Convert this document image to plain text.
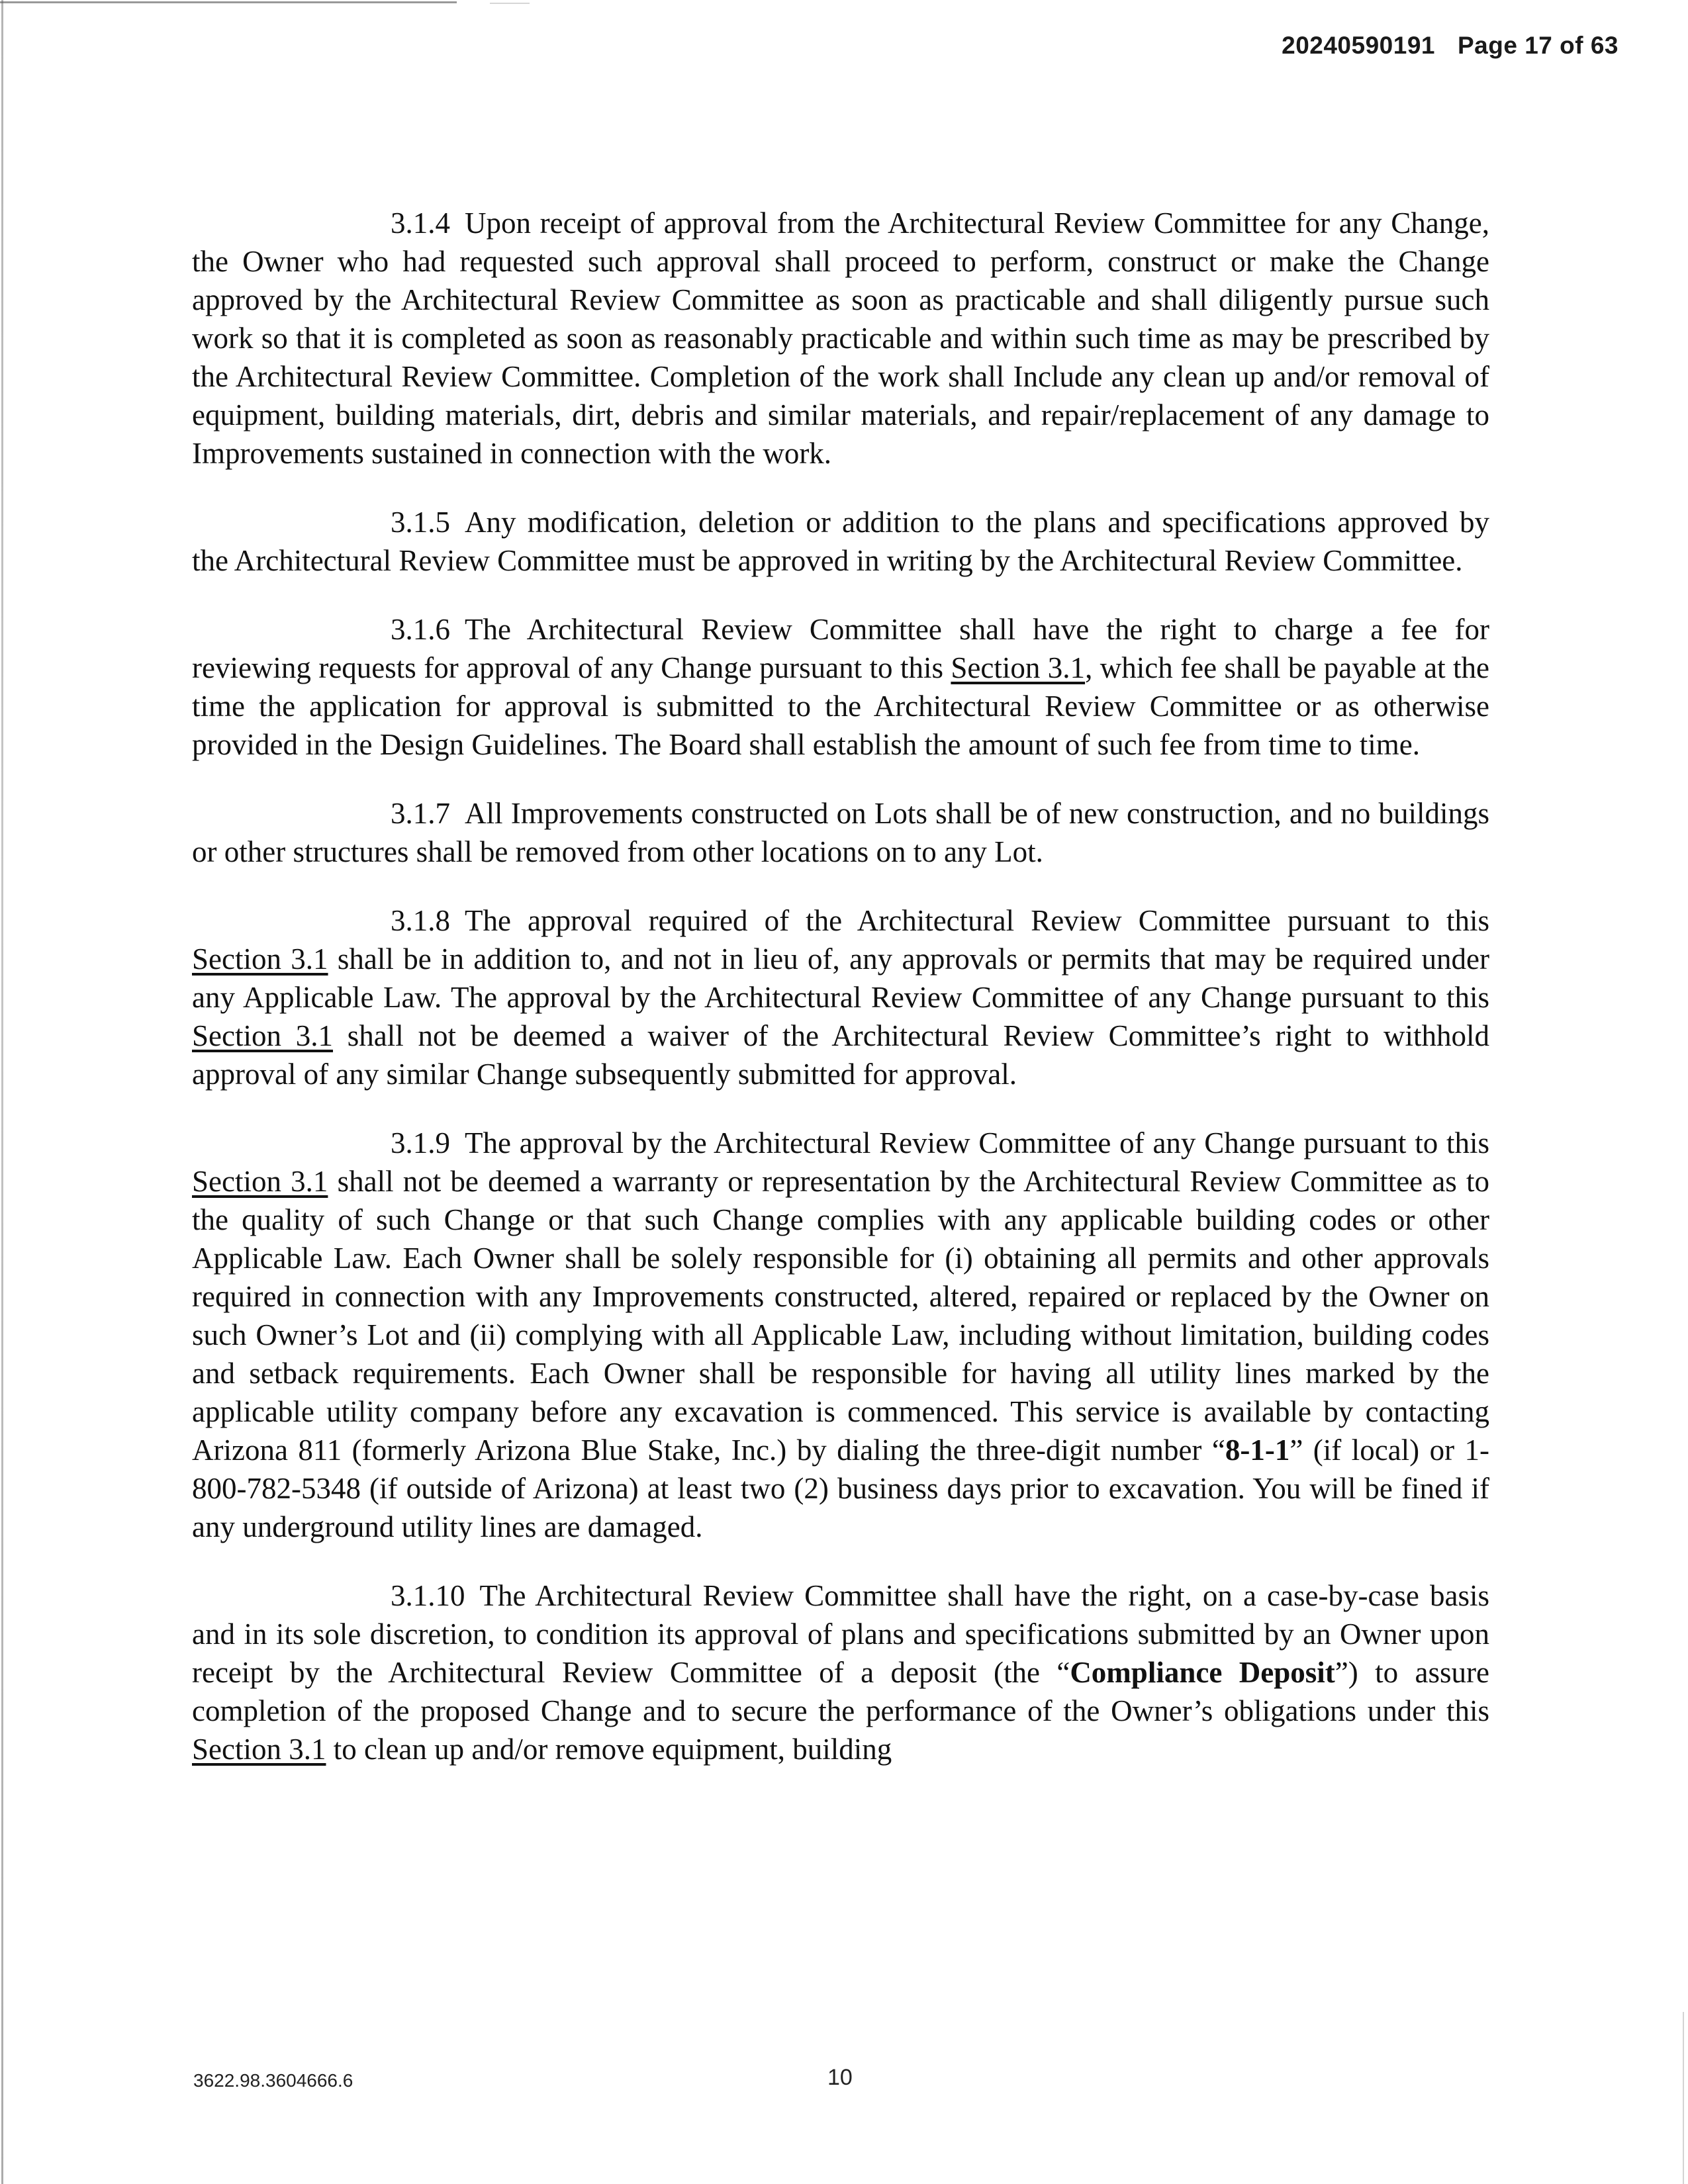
20240590191 Page 17 of 63

3.1.4 Upon receipt of approval from the Architectural Review Committee for any Change, the Owner who had requested such approval shall proceed to perform, construct or make the Change approved by the Architectural Review Committee as soon as practicable and shall diligently pursue such work so that it is completed as soon as reasonably practicable and within such time as may be prescribed by the Architectural Review Committee. Completion of the work shall Include any clean up and/or removal of equipment, building materials, dirt, debris and similar materials, and repair/replacement of any damage to Improvements sustained in connection with the work.

3.1.5 Any modification, deletion or addition to the plans and specifications approved by the Architectural Review Committee must be approved in writing by the Architectural Review Committee.

3.1.6 The Architectural Review Committee shall have the right to charge a fee for reviewing requests for approval of any Change pursuant to this Section 3.1, which fee shall be payable at the time the application for approval is submitted to the Architectural Review Committee or as otherwise provided in the Design Guidelines. The Board shall establish the amount of such fee from time to time.

3.1.7 All Improvements constructed on Lots shall be of new construction, and no buildings or other structures shall be removed from other locations on to any Lot.

3.1.8 The approval required of the Architectural Review Committee pursuant to this Section 3.1 shall be in addition to, and not in lieu of, any approvals or permits that may be required under any Applicable Law. The approval by the Architectural Review Committee of any Change pursuant to this Section 3.1 shall not be deemed a waiver of the Architectural Review Committee’s right to withhold approval of any similar Change subsequently submitted for approval.

3.1.9 The approval by the Architectural Review Committee of any Change pursuant to this Section 3.1 shall not be deemed a warranty or representation by the Architectural Review Committee as to the quality of such Change or that such Change complies with any applicable building codes or other Applicable Law. Each Owner shall be solely responsible for (i) obtaining all permits and other approvals required in connection with any Improvements constructed, altered, repaired or replaced by the Owner on such Owner’s Lot and (ii) complying with all Applicable Law, including without limitation, building codes and setback requirements. Each Owner shall be responsible for having all utility lines marked by the applicable utility company before any excavation is commenced. This service is available by contacting Arizona 811 (formerly Arizona Blue Stake, Inc.) by dialing the three-digit number “8-1-1” (if local) or 1-800-782-5348 (if outside of Arizona) at least two (2) business days prior to excavation. You will be fined if any underground utility lines are damaged.

3.1.10 The Architectural Review Committee shall have the right, on a case-by-case basis and in its sole discretion, to condition its approval of plans and specifications submitted by an Owner upon receipt by the Architectural Review Committee of a deposit (the “Compliance Deposit”) to assure completion of the proposed Change and to secure the performance of the Owner’s obligations under this Section 3.1 to clean up and/or remove equipment, building

3622.98.3604666.6	10
